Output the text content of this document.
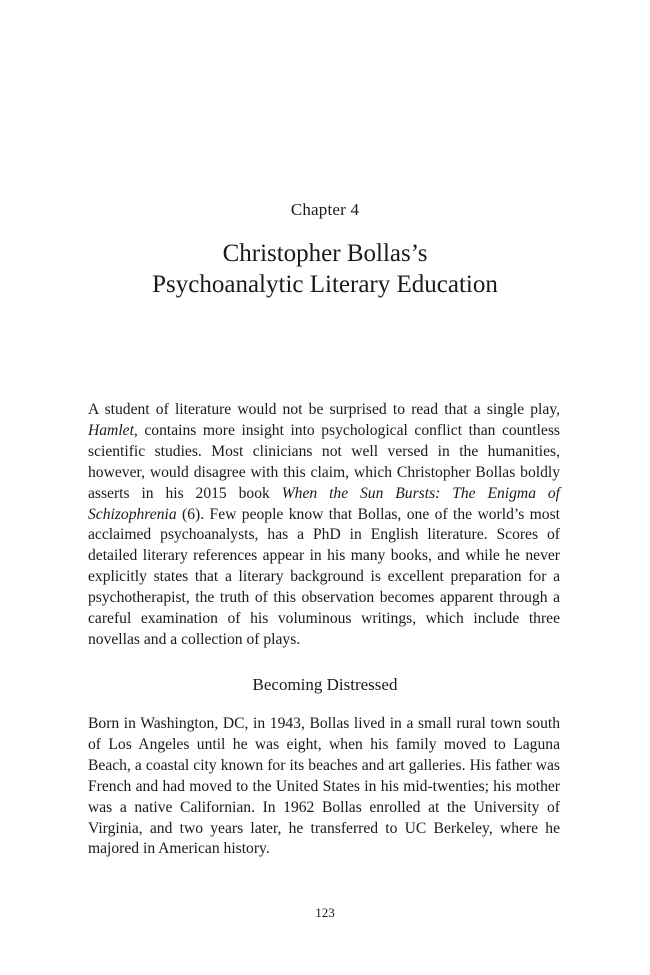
Chapter 4
Christopher Bollas’s
Psychoanalytic Literary Education

A student of literature would not be surprised to read that a single play, Hamlet, contains more insight into psychological conflict than countless scientific studies. Most clinicians not well versed in the humanities, however, would disagree with this claim, which Christopher Bollas boldly asserts in his 2015 book When the Sun Bursts: The Enigma of Schizophrenia (6). Few people know that Bollas, one of the world’s most acclaimed psychoanalysts, has a PhD in English literature. Scores of detailed literary references appear in his many books, and while he never explicitly states that a literary background is excellent preparation for a psychotherapist, the truth of this observation becomes apparent through a careful examination of his voluminous writings, which include three novellas and a collection of plays.

Becoming Distressed

Born in Washington, DC, in 1943, Bollas lived in a small rural town south of Los Angeles until he was eight, when his family moved to Laguna Beach, a coastal city known for its beaches and art galleries. His father was French and had moved to the United States in his mid-twenties; his mother was a native Californian. In 1962 Bollas enrolled at the University of Virginia, and two years later, he transferred to UC Berkeley, where he majored in American history.

123
